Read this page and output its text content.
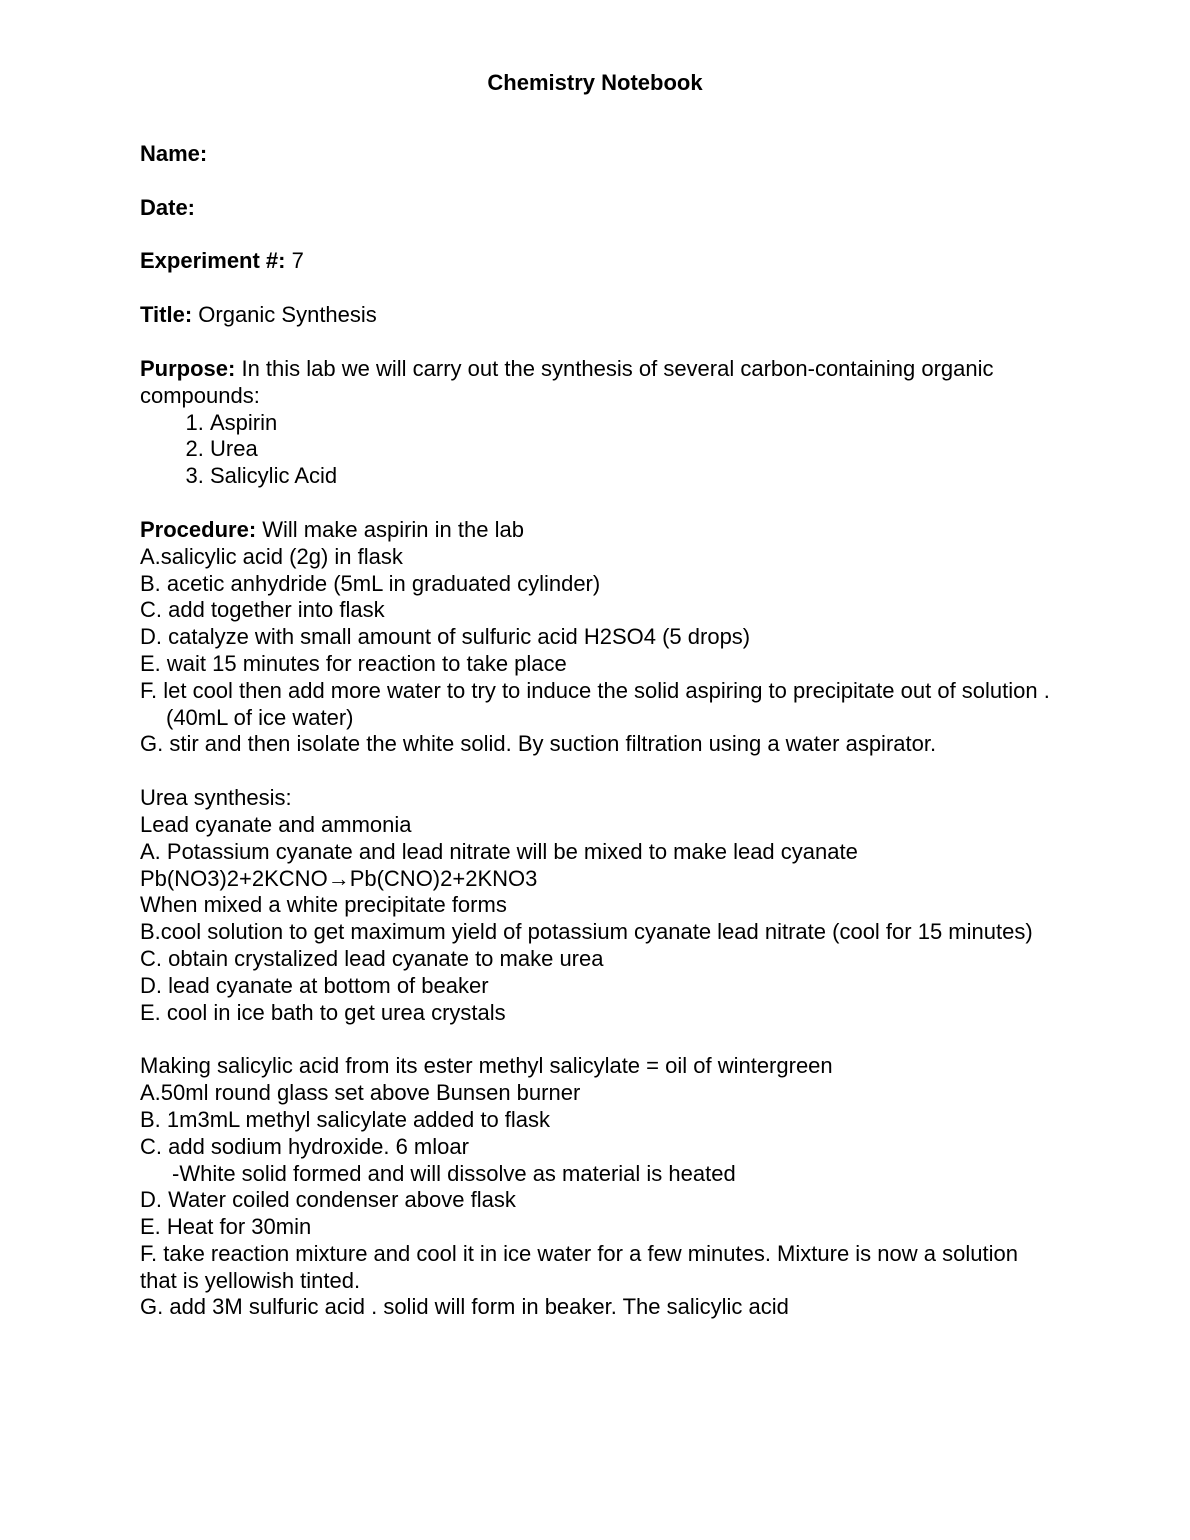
Chemistry Notebook
Name:
Date:
Experiment #: 7
Title: Organic Synthesis
Purpose: In this lab we will carry out the synthesis of several carbon-containing organic compounds:
1. Aspirin
2. Urea
3. Salicylic Acid
Procedure: Will make aspirin in the lab
A.salicylic acid (2g) in flask
B. acetic anhydride (5mL in graduated cylinder)
C. add together into flask
D. catalyze with small amount of sulfuric acid H2SO4 (5 drops)
E. wait 15 minutes for reaction to take place
F. let cool then add more water to try to induce the solid aspiring to precipitate out of solution .
(40mL of ice water)
G. stir and then isolate the white solid. By suction filtration using a water aspirator.
Urea synthesis:
Lead cyanate and ammonia
A. Potassium cyanate and lead nitrate will be mixed to make lead cyanate
Pb(NO3)2+2KCNO→Pb(CNO)2+2KNO3
When mixed a white precipitate forms
B.cool solution to get maximum yield of potassium cyanate lead nitrate (cool for 15 minutes)
C. obtain crystalized lead cyanate to make urea
D. lead cyanate at bottom of beaker
E. cool in ice bath to get urea crystals
Making salicylic acid from its ester methyl salicylate = oil of wintergreen
A.50ml round glass set above Bunsen burner
B. 1m3mL methyl salicylate added to flask
C. add sodium hydroxide. 6 mloar
-White solid formed and will dissolve as material is heated
D. Water coiled condenser above flask
E. Heat for 30min
F. take reaction mixture and cool it in ice water for a few minutes. Mixture is now a solution that is yellowish tinted.
G. add 3M sulfuric acid . solid will form in beaker. The salicylic acid
